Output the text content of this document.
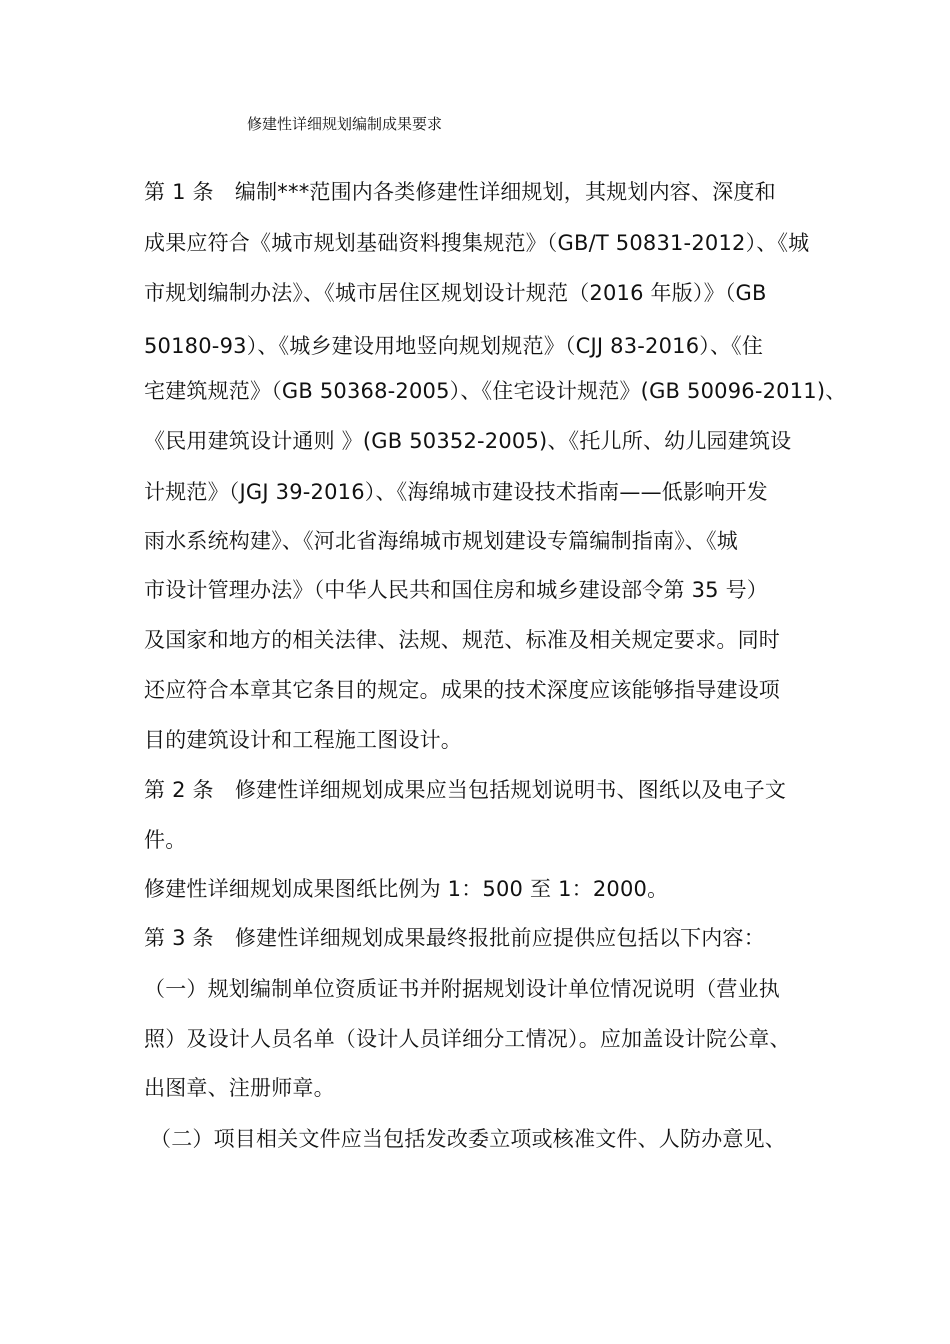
修建性详细规划编制成果要求
第 1 条　编制***范围内各类修建性详细规划，其规划内容、深度和
成果应符合《城市规划基础资料搜集规范》（GB/T 50831-2012）、《城
市规划编制办法》、《城市居住区规划设计规范（2016 年版）》（GB
50180-93）、《城乡建设用地竖向规划规范》（CJJ 83-2016）、《住
宅建筑规范》（GB 50368-2005）、《住宅设计规范》(GB 50096-2011)、
《民用建筑设计通则 》(GB 50352-2005)、《托儿所、幼儿园建筑设
计规范》（JGJ 39-2016）、《海绵城市建设技术指南——低影响开发
雨水系统构建》、《河北省海绵城市规划建设专篇编制指南》、《城
市设计管理办法》（中华人民共和国住房和城乡建设部令第 35 号）
及国家和地方的相关法律、法规、规范、标准及相关规定要求。同时
还应符合本章其它条目的规定。成果的技术深度应该能够指导建设项
目的建筑设计和工程施工图设计。
第 2 条　修建性详细规划成果应当包括规划说明书、图纸以及电子文
件。
修建性详细规划成果图纸比例为 1：500 至 1：2000。
第 3 条　修建性详细规划成果最终报批前应提供应包括以下内容：
（一）规划编制单位资质证书并附据规划设计单位情况说明（营业执
照）及设计人员名单（设计人员详细分工情况）。应加盖设计院公章、
出图章、注册师章。
（二）项目相关文件应当包括发改委立项或核准文件、人防办意见、
